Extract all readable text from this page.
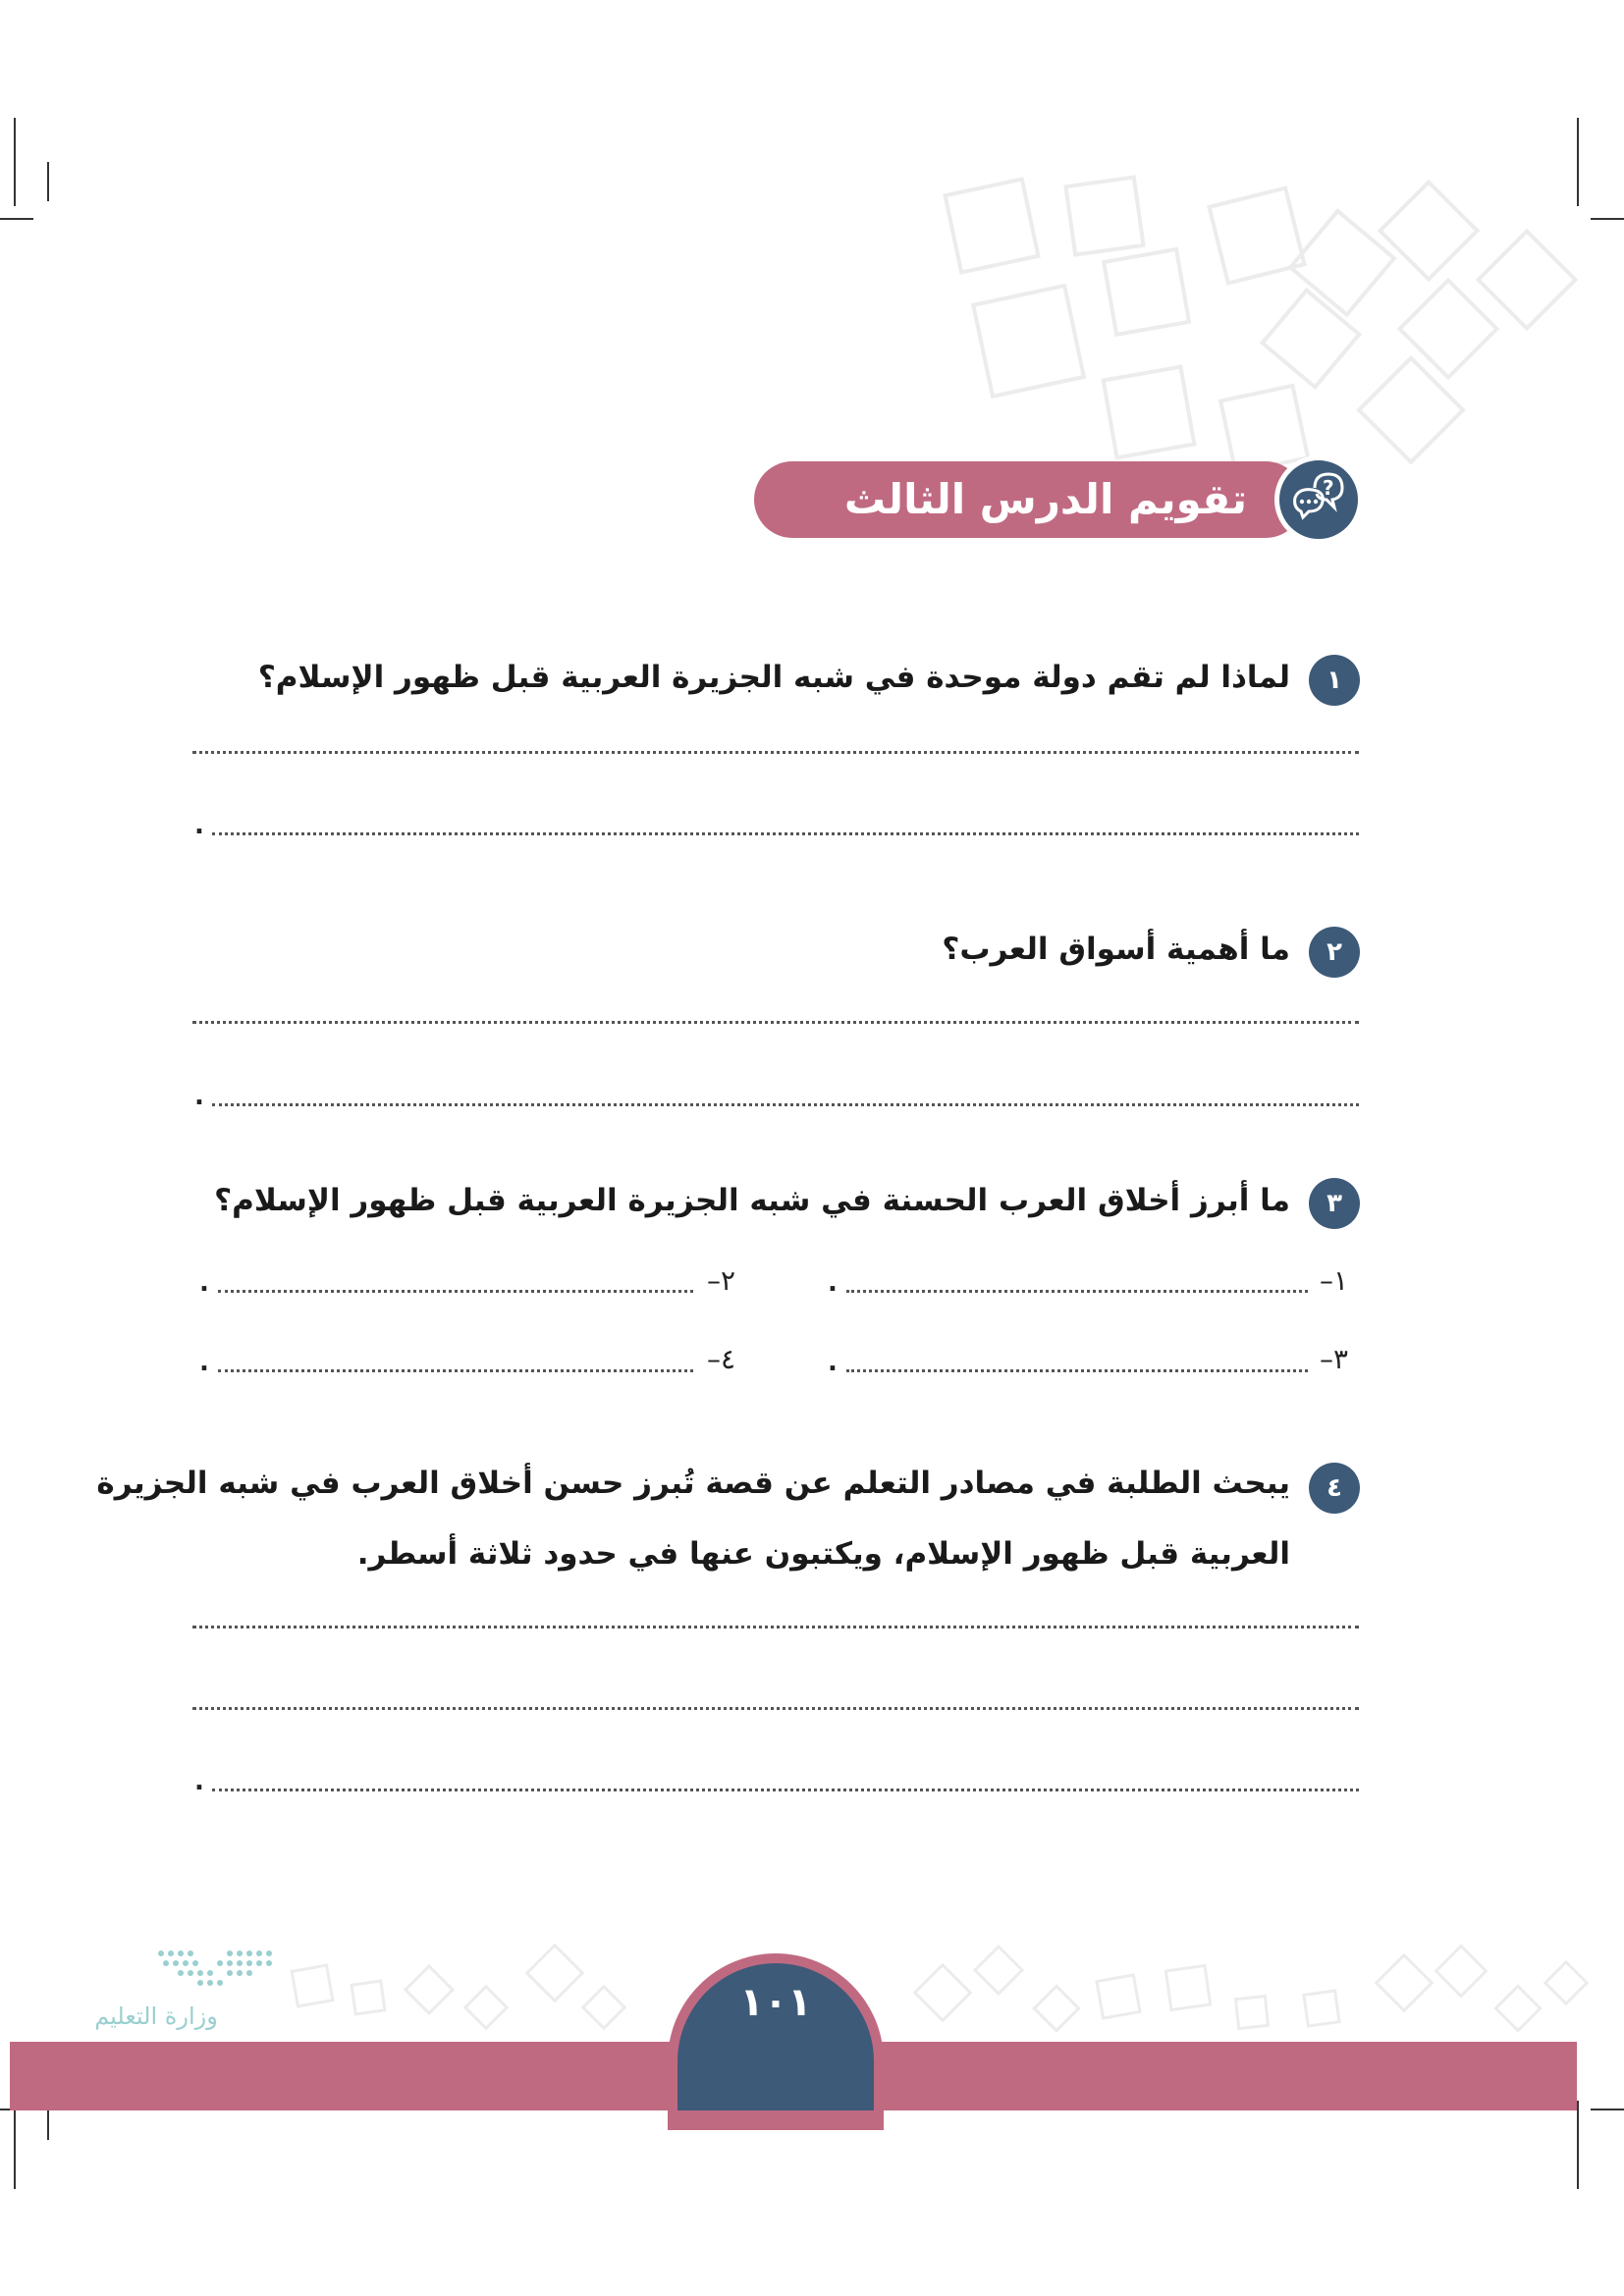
تقويم الدرس الثالث عشر
?
١
لماذا لم تقم دولة موحدة في شبه الجزيرة العربية قبل ظهور الإسلام؟
.
٢
ما أهمية أسواق العرب؟
.
٣
ما أبرز أخلاق العرب الحسنة في شبه الجزيرة العربية قبل ظهور الإسلام؟
١–
.
٢–
.
٣–
.
٤–
.
٤
يبحث الطلبة في مصادر التعلم عن قصة تُبرز حسن أخلاق العرب في شبه الجزيرة
العربية قبل ظهور الإسلام، ويكتبون عنها في حدود ثلاثة أسطر.
.
١٠١
وزارة التعليم
